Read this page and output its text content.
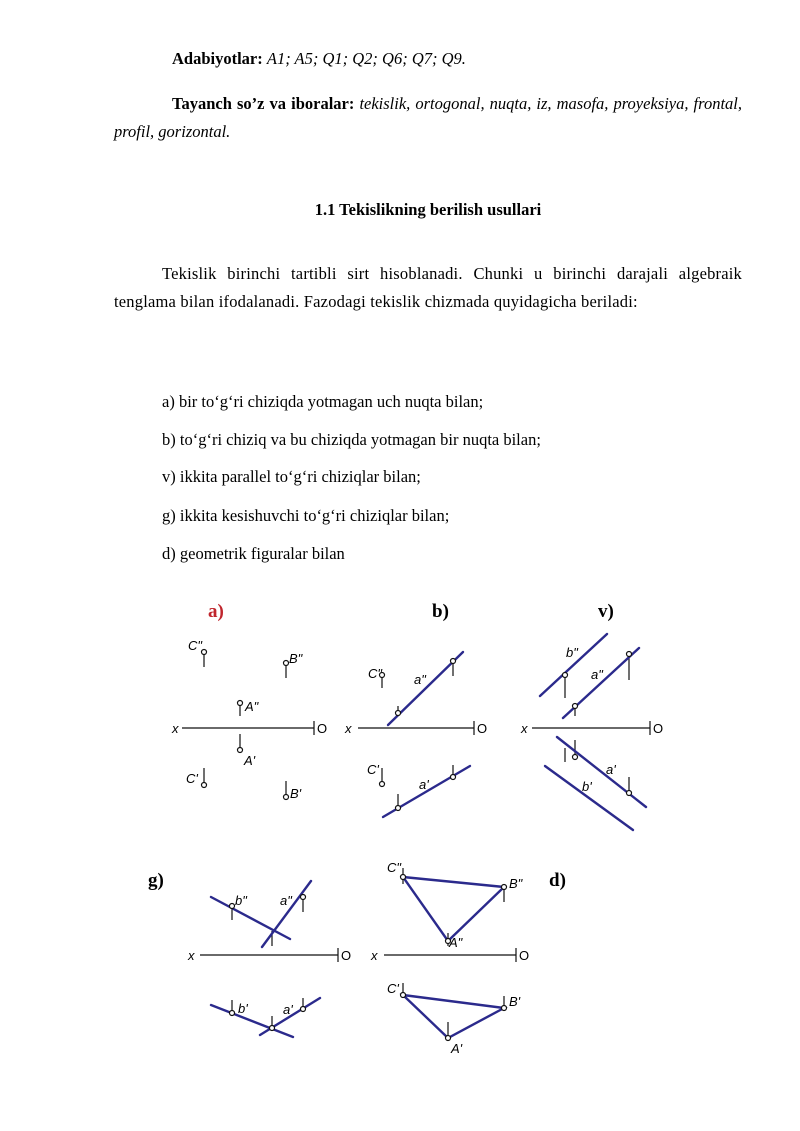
Adabiyotlar: A1; A5; Q1; Q2; Q6; Q7; Q9.
Tayanch so’z va iboralar: tekislik, ortogonal, nuqta, iz, masofa, proyeksiya, frontal, profil, gorizontal.
1.1 Tekislikning berilish usullari
Tekislik birinchi tartibli sirt hisoblanadi. Chunki u birinchi darajali algebraik tenglama bilan ifodalanadi. Fazodagi tekislik chizmada quyidagicha beriladi:
a) bir to‘g‘ri chiziqda yotmagan uch nuqta bilan;
b) to‘g‘ri chiziq va bu chiziqda yotmagan bir nuqta bilan;
v) ikkita parallel to‘g‘ri chiziqlar bilan;
g) ikkita kesishuvchi to‘g‘ri chiziqlar bilan;
d) geometrik figuralar bilan
a)	b)	v)
g)	d)
x	O x	O	x	O
x	O x	O
C"
B"
A"
A'
C'
B'
C" a"
C'
a'
b"
a"
a'
b'
b"	a"
b'	a'
C"
B"
A"
C'
B'
A'
